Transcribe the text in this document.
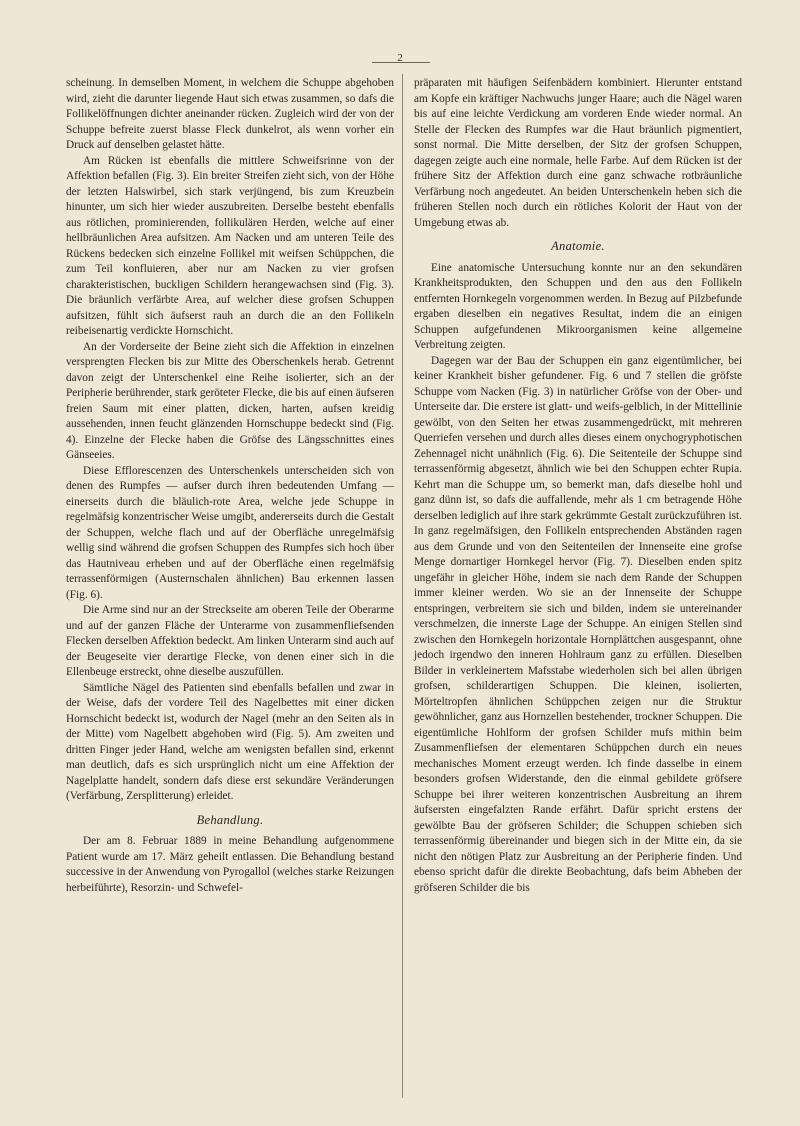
2

scheinung. In demselben Moment, in welchem die Schuppe abgehoben wird, zieht die darunter liegende Haut sich etwas zusammen, so dafs die Follikelöffnungen dichter aneinander rücken. Zugleich wird der von der Schuppe befreite zuerst blasse Fleck dunkelrot, als wenn vorher ein Druck auf denselben gelastet hätte.

Am Rücken ist ebenfalls die mittlere Schweifsrinne von der Affektion befallen (Fig. 3). Ein breiter Streifen zieht sich, von der Höhe der letzten Halswirbel, sich stark verjüngend, bis zum Kreuzbein hinunter, um sich hier wieder auszubreiten. Derselbe besteht ebenfalls aus rötlichen, prominierenden, follikulären Herden, welche auf einer hellbräunlichen Area aufsitzen. Am Nacken und am unteren Teile des Rückens bedecken sich einzelne Follikel mit weifsen Schüppchen, die zum Teil konfluieren, aber nur am Nacken zu vier grofsen charakteristischen, buckligen Schildern herangewachsen sind (Fig. 3). Die bräunlich verfärbte Area, auf welcher diese grofsen Schuppen aufsitzen, fühlt sich äufserst rauh an durch die an den Follikeln reibeisenartig verdickte Hornschicht.

An der Vorderseite der Beine zieht sich die Affektion in einzelnen versprengten Flecken bis zur Mitte des Oberschenkels herab. Getrennt davon zeigt der Unterschenkel eine Reihe isolierter, sich an der Peripherie berührender, stark geröteter Flecke, die bis auf einen äufseren freien Saum mit einer platten, dicken, harten, aufsen kreidig aussehenden, innen feucht glänzenden Hornschuppe bedeckt sind (Fig. 4). Einzelne der Flecke haben die Gröfse des Längsschnittes eines Gänseeies.

Diese Efflorescenzen des Unterschenkels unterscheiden sich von denen des Rumpfes — aufser durch ihren bedeutenden Umfang — einerseits durch die bläulich-rote Area, welche jede Schuppe in regelmäfsig konzentrischer Weise umgibt, andererseits durch die Gestalt der Schuppen, welche flach und auf der Oberfläche unregelmäfsig wellig sind während die grofsen Schuppen des Rumpfes sich hoch über das Hautniveau erheben und auf der Oberfläche einen regelmäfsig terrassenförmigen (Austernschalen ähnlichen) Bau erkennen lassen (Fig. 6).

Die Arme sind nur an der Streckseite am oberen Teile der Oberarme und auf der ganzen Fläche der Unterarme von zusammenfliefsenden Flecken derselben Affektion bedeckt. Am linken Unterarm sind auch auf der Beugeseite vier derartige Flecke, von denen einer sich in die Ellenbeuge erstreckt, ohne dieselbe auszufüllen.

Sämtliche Nägel des Patienten sind ebenfalls befallen und zwar in der Weise, dafs der vordere Teil des Nagelbettes mit einer dicken Hornschicht bedeckt ist, wodurch der Nagel (mehr an den Seiten als in der Mitte) vom Nagelbett abgehoben wird (Fig. 5). Am zweiten und dritten Finger jeder Hand, welche am wenigsten befallen sind, erkennt man deutlich, dafs es sich ursprünglich nicht um eine Affektion der Nagelplatte handelt, sondern dafs diese erst sekundäre Veränderungen (Verfärbung, Zersplitterung) erleidet.

Behandlung.

Der am 8. Februar 1889 in meine Behandlung aufgenommene Patient wurde am 17. März geheilt entlassen. Die Behandlung bestand successive in der Anwendung von Pyrogallol (welches starke Reizungen herbeiführte), Resorzin- und Schwefel-

präparaten mit häufigen Seifenbädern kombiniert. Hierunter entstand am Kopfe ein kräftiger Nachwuchs junger Haare; auch die Nägel waren bis auf eine leichte Verdickung am vorderen Ende wieder normal. An Stelle der Flecken des Rumpfes war die Haut bräunlich pigmentiert, sonst normal. Die Mitte derselben, der Sitz der grofsen Schuppen, dagegen zeigte auch eine normale, helle Farbe. Auf dem Rücken ist der frühere Sitz der Affektion durch eine ganz schwache rotbräunliche Verfärbung noch angedeutet. An beiden Unterschenkeln heben sich die früheren Stellen noch durch ein rötliches Kolorit der Haut von der Umgebung etwas ab.

Anatomie.

Eine anatomische Untersuchung konnte nur an den sekundären Krankheitsprodukten, den Schuppen und den aus den Follikeln entfernten Hornkegeln vorgenommen werden. In Bezug auf Pilzbefunde ergaben dieselben ein negatives Resultat, indem die an einigen Schuppen aufgefundenen Mikroorganismen keine allgemeine Verbreitung zeigten.

Dagegen war der Bau der Schuppen ein ganz eigentümlicher, bei keiner Krankheit bisher gefundener. Fig. 6 und 7 stellen die gröfste Schuppe vom Nacken (Fig. 3) in natürlicher Gröfse von der Ober- und Unterseite dar. Die erstere ist glatt- und weifs-gelblich, in der Mittellinie gewölbt, von den Seiten her etwas zusammengedrückt, mit mehreren Querriefen versehen und durch alles dieses einem onychogryphotischen Zehennagel nicht unähnlich (Fig. 6). Die Seitenteile der Schuppe sind terrassenförmig abgesetzt, ähnlich wie bei den Schuppen echter Rupia. Kehrt man die Schuppe um, so bemerkt man, dafs dieselbe hohl und ganz dünn ist, so dafs die auffallende, mehr als 1 cm betragende Höhe derselben lediglich auf ihre stark gekrümmte Gestalt zurückzuführen ist. In ganz regelmäfsigen, den Follikeln entsprechenden Abständen ragen aus dem Grunde und von den Seitenteilen der Innenseite eine grofse Menge dornartiger Hornkegel hervor (Fig. 7). Dieselben enden spitz ungefähr in gleicher Höhe, indem sie nach dem Rande der Schuppen immer kleiner werden. Wo sie an der Innenseite der Schuppe entspringen, verbreitern sie sich und bilden, indem sie untereinander verschmelzen, die innerste Lage der Schuppe. An einigen Stellen sind zwischen den Hornkegeln horizontale Hornplättchen ausgespannt, ohne jedoch irgendwo den inneren Hohlraum ganz zu erfüllen. Dieselben Bilder in verkleinertem Mafsstabe wiederholen sich bei allen übrigen grofsen, schilderartigen Schuppen. Die kleinen, isolierten, Mörteltropfen ähnlichen Schüppchen zeigen nur die Struktur gewöhnlicher, ganz aus Hornzellen bestehender, trockner Schuppen. Die eigentümliche Hohlform der grofsen Schilder mufs mithin beim Zusammenfliefsen der elementaren Schüppchen durch ein neues mechanisches Moment erzeugt werden. Ich finde dasselbe in einem besonders grofsen Widerstande, den die einmal gebildete gröfsere Schuppe bei ihrer weiteren konzentrischen Ausbreitung an ihrem äufsersten eingefalzten Rande erfährt. Dafür spricht erstens der gewölbte Bau der gröfseren Schilder; die Schuppen schieben sich terrassenförmig übereinander und biegen sich in der Mitte ein, da sie nicht den nötigen Platz zur Ausbreitung an der Peripherie finden. Und ebenso spricht dafür die direkte Beobachtung, dafs beim Abheben der gröfseren Schilder die bis
